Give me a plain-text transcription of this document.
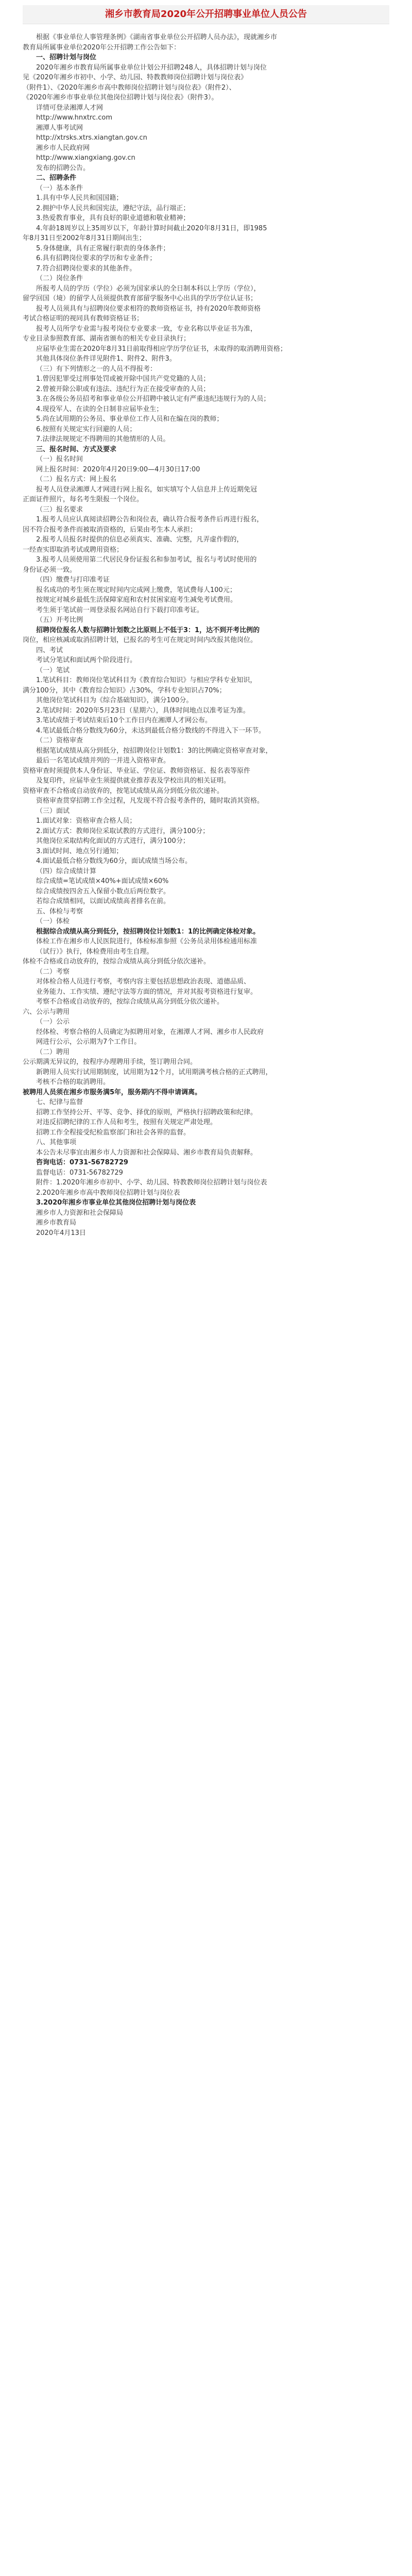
湘乡市教育局2020年公开招聘事业单位人员公告
根据《事业单位人事管理条例》《湖南省事业单位公开招聘人员办法》，现就湘乡市
教育局所属事业单位2020年公开招聘工作公告如下：
一、招聘计划与岗位
2020年湘乡市教育局所属事业单位计划公开招聘248人，具体招聘计划与岗位
见《2020年湘乡市初中、小学、幼儿园、特教教师岗位招聘计划与岗位表》
（附件1）、《2020年湘乡市高中教师岗位招聘计划与岗位表》（附件2）、
《2020年湘乡市事业单位其他岗位招聘计划与岗位表》（附件3）。
详情可登录湘潭人才网
http://www.hnxtrc.com
湘潭人事考试网
http://xtrsks.xtrs.xiangtan.gov.cn
湘乡市人民政府网
http://www.xiangxiang.gov.cn
发布的招聘公告。
二、招聘条件
（一）基本条件
1.具有中华人民共和国国籍；
2.拥护中华人民共和国宪法，遵纪守法，品行端正；
3.热爱教育事业，具有良好的职业道德和敬业精神；
4.年龄18周岁以上35周岁以下，年龄计算时间截止2020年8月31日，即1985
年8月31日至2002年8月31日期间出生；
5.身体健康，具有正常履行职责的身体条件；
6.具有招聘岗位要求的学历和专业条件；
7.符合招聘岗位要求的其他条件。
（二）岗位条件
所报考人员的学历（学位）必须为国家承认的全日制本科以上学历（学位），
留学回国（境）的留学人员须提供教育部留学服务中心出具的学历学位认证书；
报考人员须具有与招聘岗位要求相符的教师资格证书，持有2020年教师资格
考试合格证明的视同具有教师资格证书；
报考人员所学专业需与报考岗位专业要求一致，专业名称以毕业证书为准，
专业目录参照教育部、湖南省颁布的相关专业目录执行；
应届毕业生需在2020年8月31日前取得相应学历学位证书，未取得的取消聘用资格；
其他具体岗位条件详见附件1、附件2、附件3。
（三）有下列情形之一的人员不得报考：
1.曾因犯罪受过刑事处罚或被开除中国共产党党籍的人员；
2.曾被开除公职或有违法、违纪行为正在接受审查的人员；
3.在各级公务员招考和事业单位公开招聘中被认定有严重违纪违规行为的人员；
4.现役军人、在读的全日制非应届毕业生；
5.尚在试用期的公务员、事业单位工作人员和在编在岗的教师；
6.按照有关规定实行回避的人员；
7.法律法规规定不得聘用的其他情形的人员。
三、报名时间、方式及要求
（一）报名时间
网上报名时间：2020年4月20日9:00—4月30日17:00
（二）报名方式：网上报名
报考人员登录湘潭人才网进行网上报名，如实填写个人信息并上传近期免冠
正面证件照片，每名考生限报一个岗位。
（三）报名要求
1.报考人员应认真阅读招聘公告和岗位表，确认符合报考条件后再进行报名，
因不符合报考条件而被取消资格的，后果由考生本人承担；
2.报考人员报名时提供的信息必须真实、准确、完整，凡弄虚作假的，
一经查实即取消考试或聘用资格；
3.报考人员须使用第二代居民身份证报名和参加考试，报名与考试时使用的
身份证必须一致。
（四）缴费与打印准考证
报名成功的考生须在规定时间内完成网上缴费，笔试费每人100元；
按规定对城乡最低生活保障家庭和农村贫困家庭考生减免考试费用。
考生须于笔试前一周登录报名网站自行下载打印准考证。
（五）开考比例
招聘岗位报名人数与招聘计划数之比原则上不低于3：1，达不到开考比例的
岗位，相应核减或取消招聘计划，已报名的考生可在规定时间内改报其他岗位。
四、考试
考试分笔试和面试两个阶段进行。
（一）笔试
1.笔试科目：教师岗位笔试科目为《教育综合知识》与相应学科专业知识，
满分100分，其中《教育综合知识》占30%，学科专业知识占70%；
其他岗位笔试科目为《综合基础知识》，满分100分。
2.笔试时间：2020年5月23日（星期六），具体时间地点以准考证为准。
3.笔试成绩于考试结束后10个工作日内在湘潭人才网公布。
4.笔试最低合格分数线为60分，未达到最低合格分数线的不得进入下一环节。
（二）资格审查
根据笔试成绩从高分到低分，按招聘岗位计划数1：3的比例确定资格审查对象，
最后一名笔试成绩并列的一并进入资格审查。
资格审查时须提供本人身份证、毕业证、学位证、教师资格证、报名表等原件
及复印件，应届毕业生须提供就业推荐表及学校出具的相关证明。
资格审查不合格或自动放弃的，按笔试成绩从高分到低分依次递补。
资格审查贯穿招聘工作全过程，凡发现不符合报考条件的，随时取消其资格。
（三）面试
1.面试对象：资格审查合格人员；
2.面试方式：教师岗位采取试教的方式进行，满分100分；
其他岗位采取结构化面试的方式进行，满分100分；
3.面试时间、地点另行通知；
4.面试最低合格分数线为60分，面试成绩当场公布。
（四）综合成绩计算
综合成绩=笔试成绩×40%+面试成绩×60%
综合成绩按四舍五入保留小数点后两位数字。
若综合成绩相同，以面试成绩高者排名在前。
五、体检与考察
（一）体检
根据综合成绩从高分到低分，按招聘岗位计划数1：1的比例确定体检对象。
体检工作在湘乡市人民医院进行，体检标准参照《公务员录用体检通用标准
（试行）》执行，体检费用由考生自理。
体检不合格或自动放弃的，按综合成绩从高分到低分依次递补。
（二）考察
对体检合格人员进行考察，考察内容主要包括思想政治表现、道德品质、
业务能力、工作实绩、遵纪守法等方面的情况，并对其报考资格进行复审。
考察不合格或自动放弃的，按综合成绩从高分到低分依次递补。
六、公示与聘用
（一）公示
经体检、考察合格的人员确定为拟聘用对象，在湘潭人才网、湘乡市人民政府
网进行公示，公示期为7个工作日。
（二）聘用
公示期满无异议的，按程序办理聘用手续，签订聘用合同。
新聘用人员实行试用期制度，试用期为12个月，试用期满考核合格的正式聘用，
考核不合格的取消聘用。
被聘用人员须在湘乡市服务满5年，服务期内不得申请调离。
七、纪律与监督
招聘工作坚持公开、平等、竞争、择优的原则，严格执行招聘政策和纪律。
对违反招聘纪律的工作人员和考生，按照有关规定严肃处理。
招聘工作全程接受纪检监察部门和社会各界的监督。
八、其他事项
本公告未尽事宜由湘乡市人力资源和社会保障局、湘乡市教育局负责解释。
咨询电话：0731-56782729
监督电话：0731-56782729
附件：1.2020年湘乡市初中、小学、幼儿园、特教教师岗位招聘计划与岗位表
2.2020年湘乡市高中教师岗位招聘计划与岗位表
3.2020年湘乡市事业单位其他岗位招聘计划与岗位表
湘乡市人力资源和社会保障局
湘乡市教育局
2020年4月13日
